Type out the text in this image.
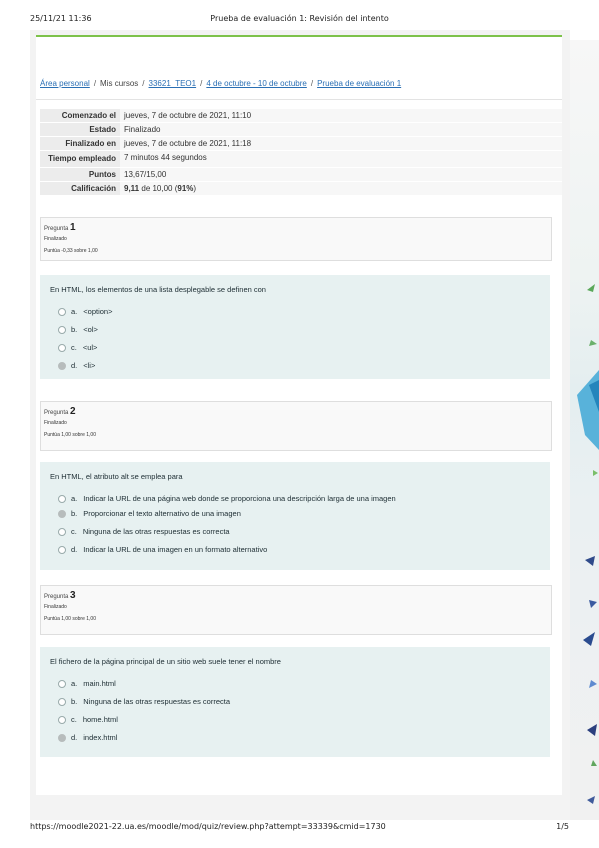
25/11/21 11:36	Prueba de evaluación 1: Revisión del intento
Área personal / Mis cursos / 33621_TEO1 / 4 de octubre - 10 de octubre / Prueba de evaluación 1
Comenzado el	jueves, 7 de octubre de 2021, 11:10
Estado	Finalizado
Finalizado en	jueves, 7 de octubre de 2021, 11:18
Tiempo empleado	7 minutos 44 segundos
Puntos	13,67/15,00
Calificación	9,11 de 10,00 (91%)
Pregunta 1
Finalizado
Puntúa -0,33 sobre 1,00
En HTML, los elementos de una lista desplegable se definen con
a. <option>
b. <ol>
c. <ul>
d. <li>
Pregunta 2
Finalizado
Puntúa 1,00 sobre 1,00
En HTML, el atributo alt se emplea para
a. Indicar la URL de una página web donde se proporciona una descripción larga de una imagen
b. Proporcionar el texto alternativo de una imagen
c. Ninguna de las otras respuestas es correcta
d. Indicar la URL de una imagen en un formato alternativo
Pregunta 3
Finalizado
Puntúa 1,00 sobre 1,00
El fichero de la página principal de un sitio web suele tener el nombre
a. main.html
b. Ninguna de las otras respuestas es correcta
c. home.html
d. index.html
https://moodle2021-22.ua.es/moodle/mod/quiz/review.php?attempt=33339&cmid=1730	1/5
